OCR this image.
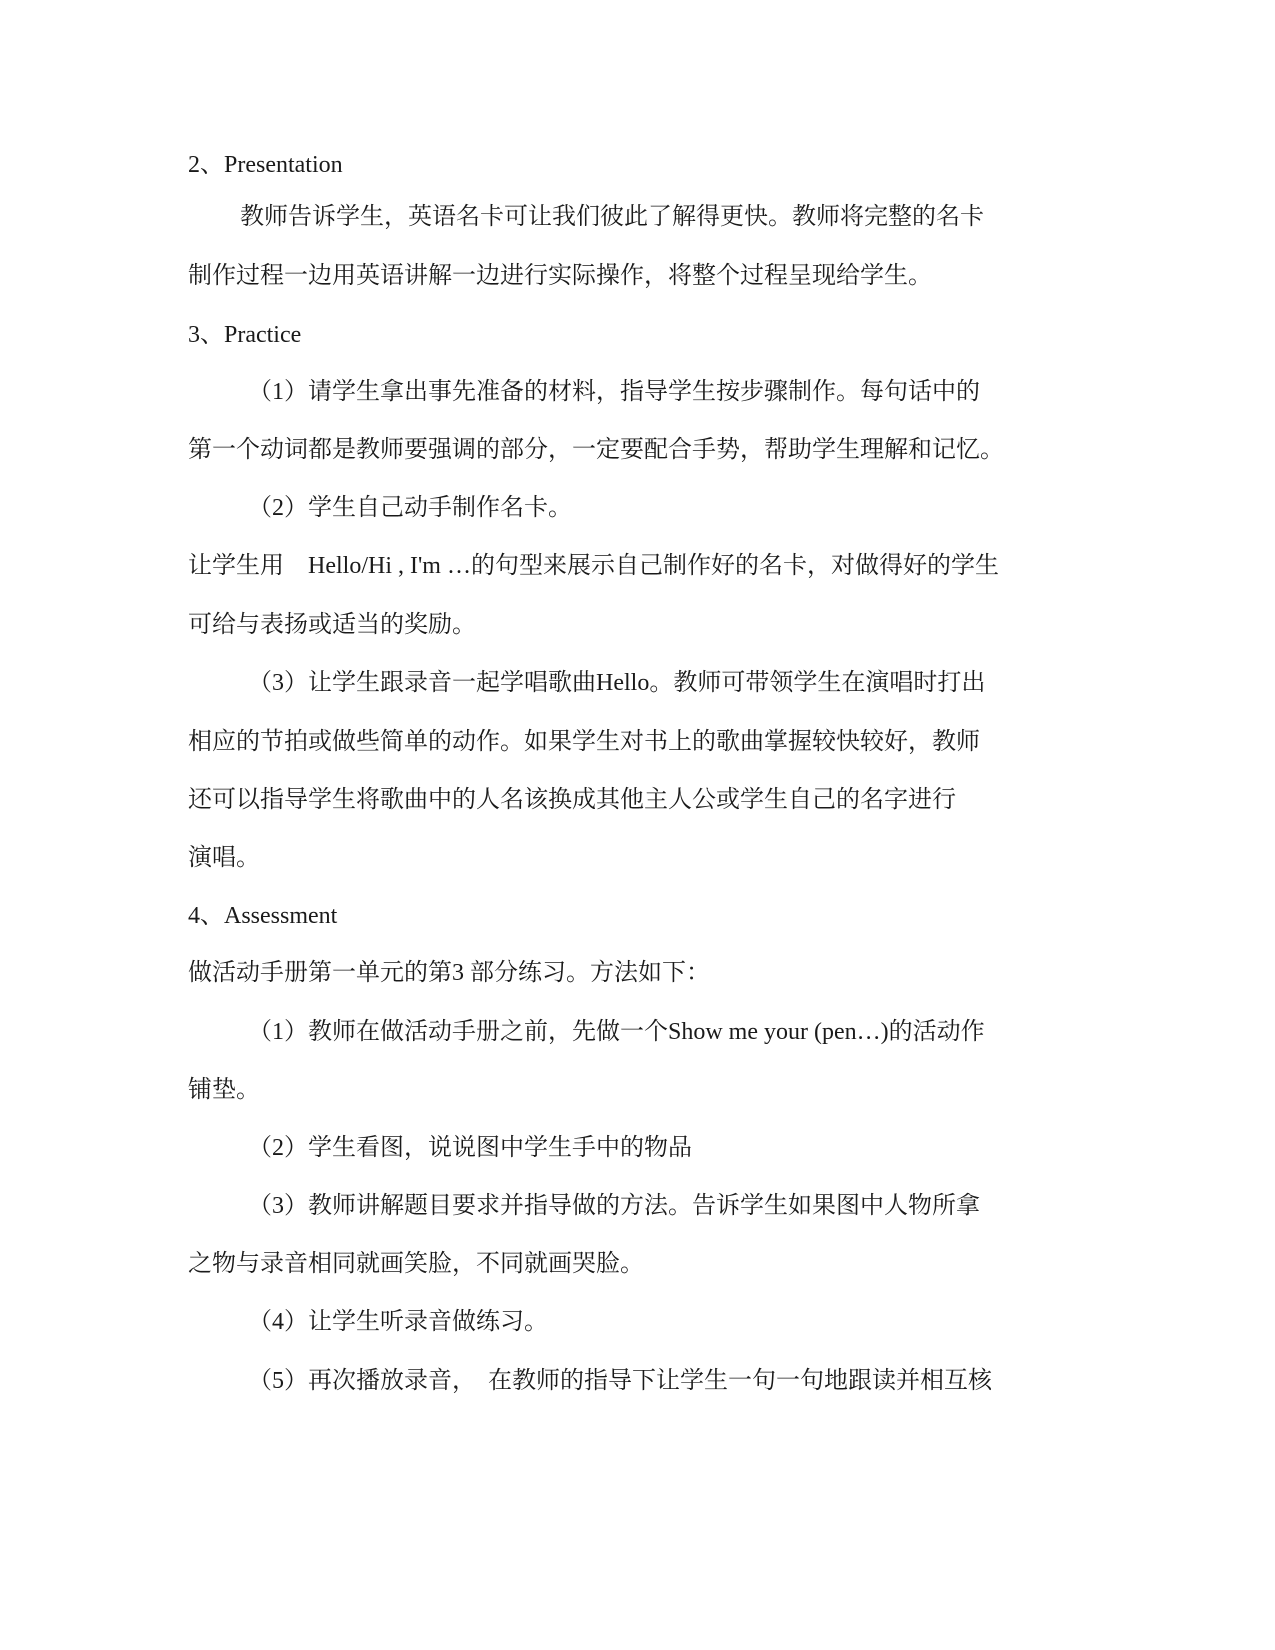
2、Presentation
教师告诉学生，英语名卡可让我们彼此了解得更快。教师将完整的名卡
制作过程一边用英语讲解一边进行实际操作，将整个过程呈现给学生。
3、Practice
（1）请学生拿出事先准备的材料，指导学生按步骤制作。每句话中的
第一个动词都是教师要强调的部分，一定要配合手势，帮助学生理解和记忆。
（2）学生自己动手制作名卡。
让学生用　Hello/Hi , I'm …的句型来展示自己制作好的名卡，对做得好的学生
可给与表扬或适当的奖励。
（3）让学生跟录音一起学唱歌曲Hello。教师可带领学生在演唱时打出
相应的节拍或做些简单的动作。如果学生对书上的歌曲掌握较快较好，教师
还可以指导学生将歌曲中的人名该换成其他主人公或学生自己的名字进行
演唱。
4、Assessment
做活动手册第一单元的第3 部分练习。方法如下：
（1）教师在做活动手册之前，先做一个Show me your (pen…)的活动作
铺垫。
（2）学生看图，说说图中学生手中的物品
（3）教师讲解题目要求并指导做的方法。告诉学生如果图中人物所拿
之物与录音相同就画笑脸，不同就画哭脸。
（4）让学生听录音做练习。
（5）再次播放录音，　在教师的指导下让学生一句一句地跟读并相互核
